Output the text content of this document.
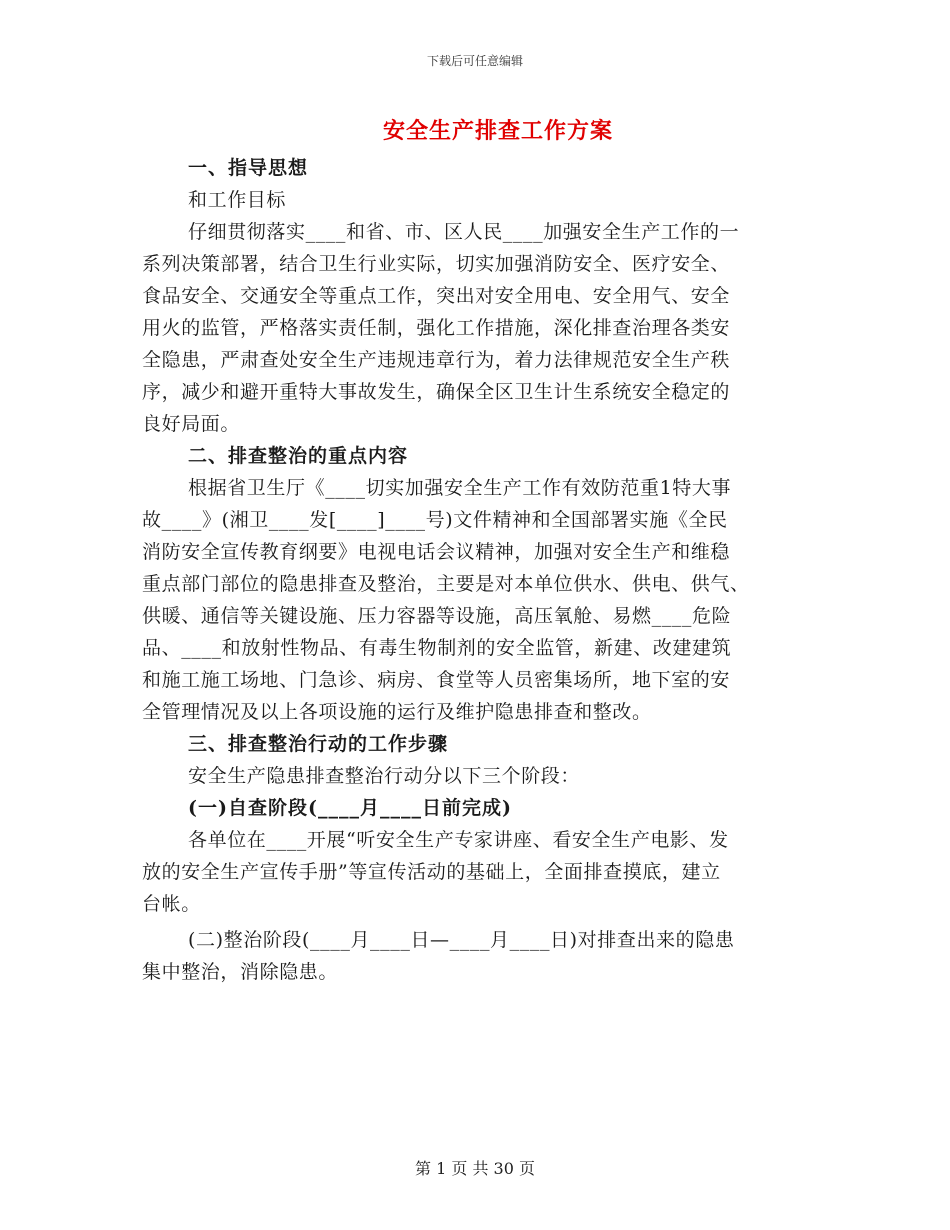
下载后可任意编辑
安全生产排查工作方案

一、指导思想

和工作目标

仔细贯彻落实____和省、市、区人民____加强安全生产工作的一

系列决策部署，结合卫生行业实际，切实加强消防安全、医疗安全、

食品安全、交通安全等重点工作，突出对安全用电、安全用气、安全

用火的监管，严格落实责任制，强化工作措施，深化排查治理各类安

全隐患，严肃查处安全生产违规违章行为，着力法律规范安全生产秩

序，减少和避开重特大事故发生，确保全区卫生计生系统安全稳定的

良好局面。

二、排查整治的重点内容

根据省卫生厅《____切实加强安全生产工作有效防范重1特大事

故____》(湘卫____发[____]____号)文件精神和全国部署实施《全民

消防安全宣传教育纲要》电视电话会议精神，加强对安全生产和维稳

重点部门部位的隐患排查及整治，主要是对本单位供水、供电、供气、

供暖、通信等关键设施、压力容器等设施，高压氧舱、易燃____危险

品、____和放射性物品、有毒生物制剂的安全监管，新建、改建建筑

和施工施工场地、门急诊、病房、食堂等人员密集场所，地下室的安

全管理情况及以上各项设施的运行及维护隐患排查和整改。

三、排查整治行动的工作步骤

安全生产隐患排查整治行动分以下三个阶段：

(一)自查阶段(____月____日前完成)

各单位在____开展“听安全生产专家讲座、看安全生产电影、发

放的安全生产宣传手册”等宣传活动的基础上，全面排查摸底，建立

台帐。

(二)整治阶段(____月____日—____月____日)对排查出来的隐患

集中整治，消除隐患。

第 1 页 共 30 页
